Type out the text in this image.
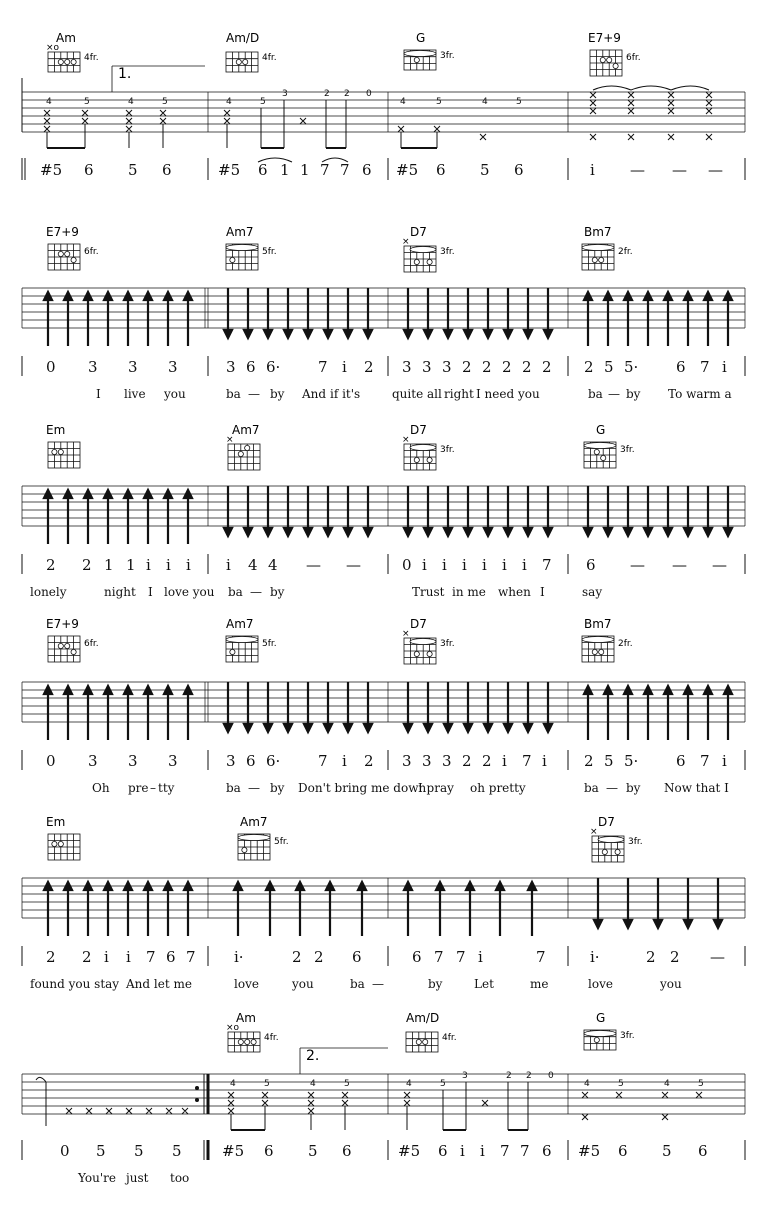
Am
×o
4fr.
Am/D
4fr.
G
3fr.
E7+9
6fr.
1.
4	5	4	5	4	5
3	2 2 0
4	5	4	5
#5 6 5 6	#5 6 1 1 7 7 6 #5 6 5 6	i — — —
E7+9
6fr.
Am7
5fr.
D7
×
3fr.
Bm7
2fr.
0 3 3 3	3 6 6·	7 i 2 3 3 3 2 2 2 2 2 2 5 5·	6 7 i
I live you	ba — by And if it's	quite all right I need you	ba — by To warm a
Em	Am7
×
D7
×
3fr.
G
3fr.
2 2 1 1 i i i i 4 4 — —	0 i i i i i i 7 6 — — —
lonely	night I love you ba — by	Trust in me when I	say
E7+9
6fr.
Am7
5fr.
D7
×
3fr.
Bm7
2fr.
0 3 3 3	3 6 6·	7 i 2 3 3 3 2 2 i 7 i 2 5 5·	6 7 i
Oh pre – tty	ba — by Don't bring me down
I pray oh pretty	ba — by Now that I
Em	Am7
5fr.
D7
×
3fr.
2 2 i i 7 6 7	i·	2 2 6	6 7 7 i	7	i·	2 2 —
found you stay And let me	love	you	ba —	by	Let	me	love	you
Am
×o
4fr.
Am/D
4fr.
G
3fr.
2.
4	5	4	5	4	5
3	2 2 0
4	5	4	5
0 5 5 5	#5 6 5 6	#5 6 i i 7 7 6 #5 6 5 6
You're just too
